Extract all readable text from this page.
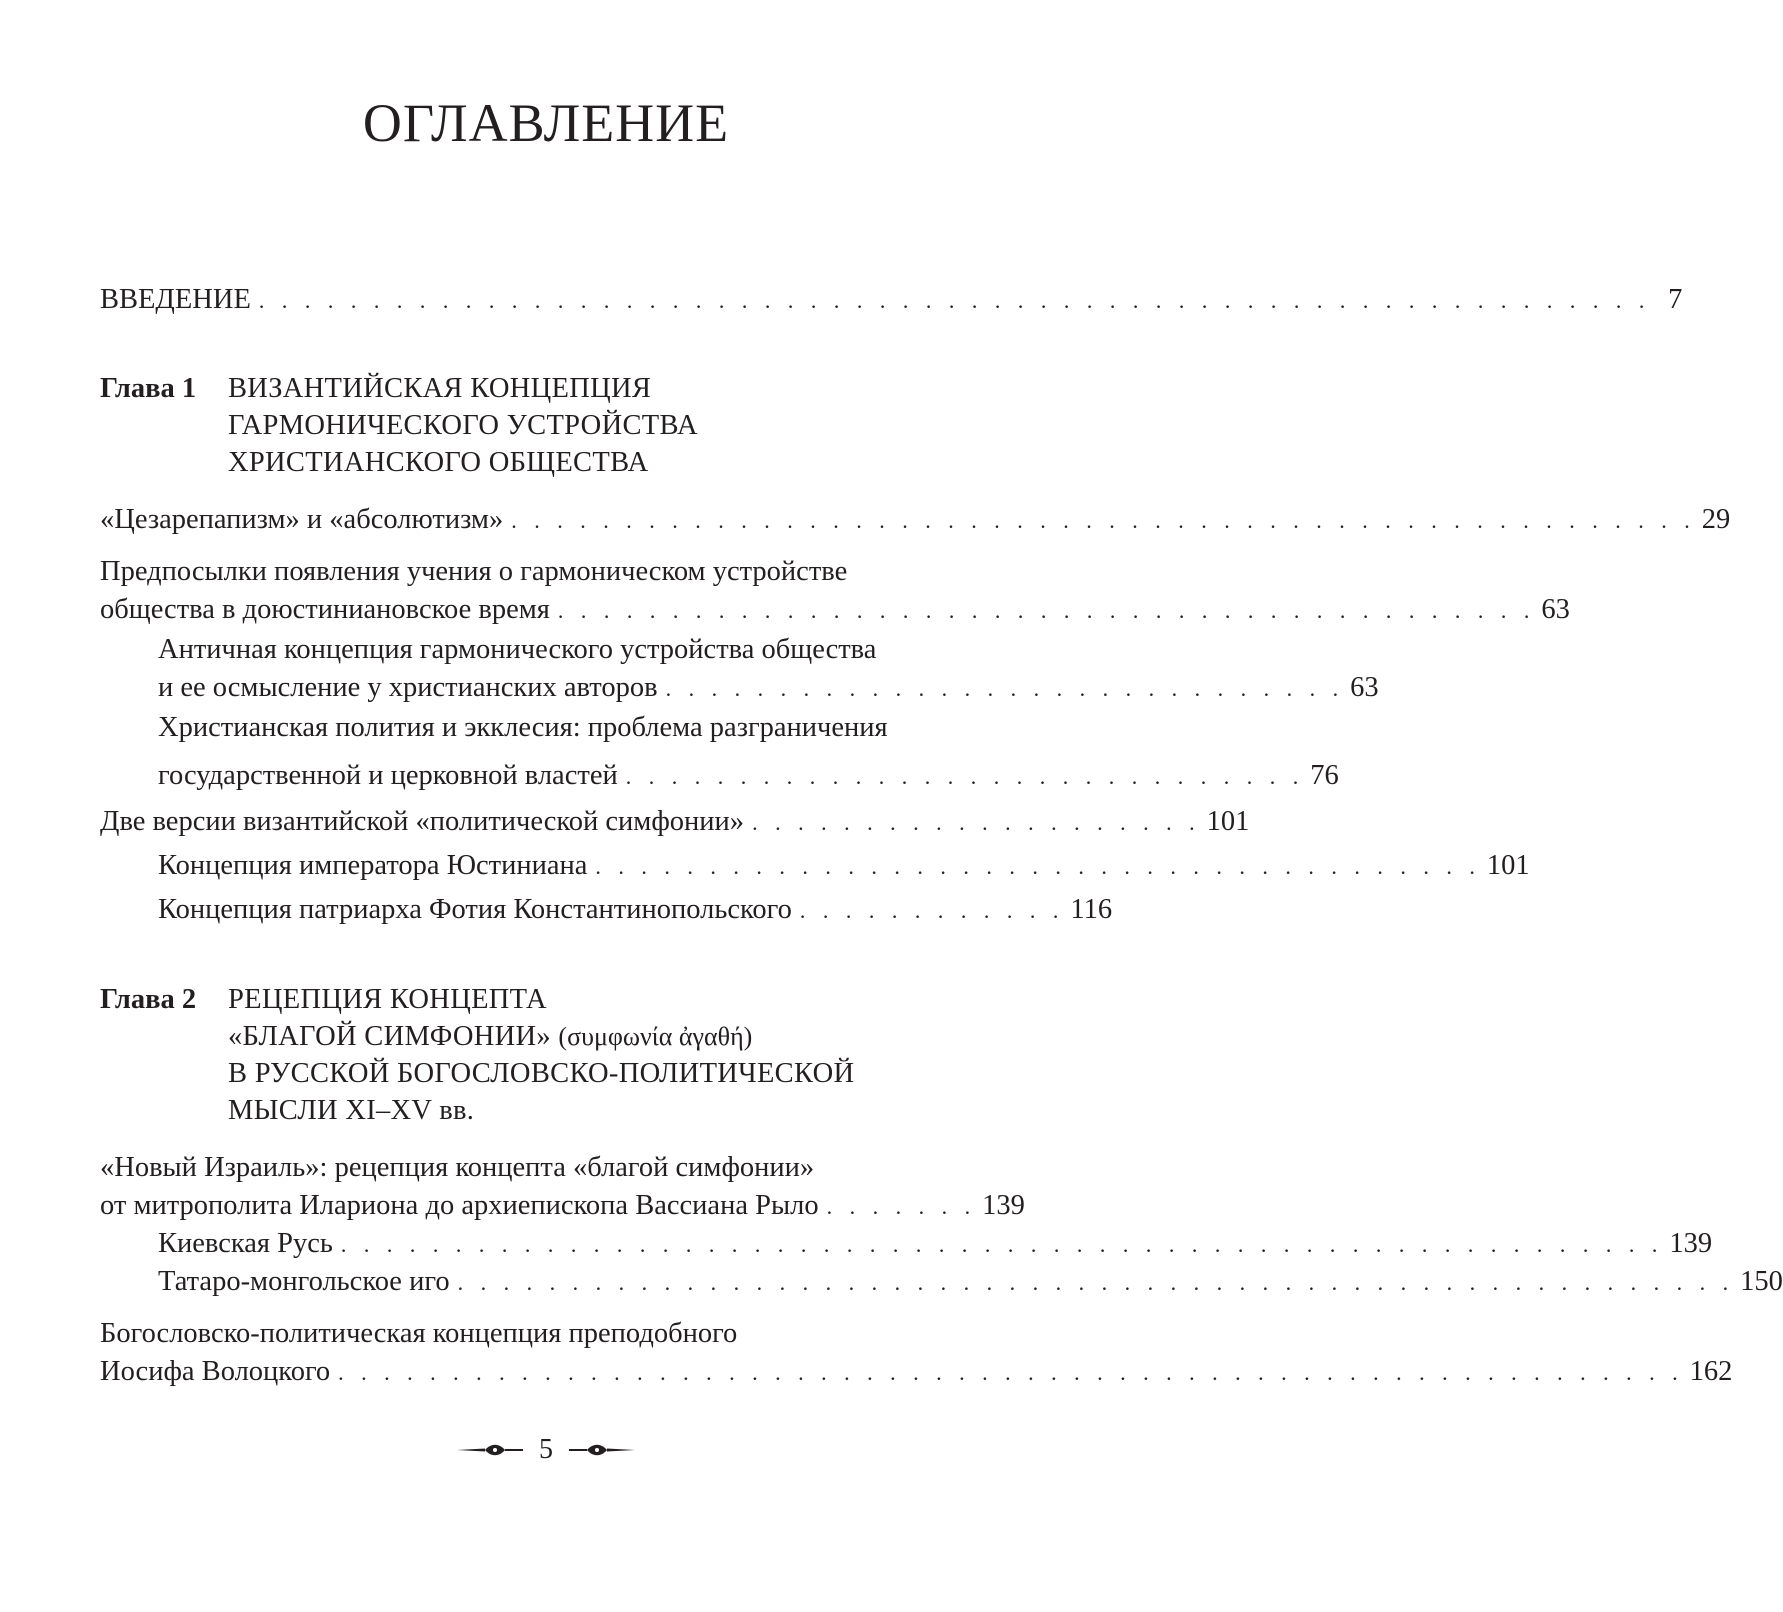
ОГЛАВЛЕНИЕ
ВВЕДЕНИЕ . . . . . . . . . . . . . . . . . . . . . . . . . . . . . . . . . . . . . . . . . . . . . . . . . . . . . . . . . . . . . 7
Глава 1	ВИЗАНТИЙСКАЯ КОНЦЕПЦИЯ
ГАРМОНИЧЕСКОГО УСТРОЙСТВА
ХРИСТИАНСКОГО ОБЩЕСТВА
«Цезарепапизм» и «абсолютизм» . . . . . . . . . . . . . . . . . . . . . . . . . . . . . . . . . . . . . . . . . . . . . . . . . . . . 29
Предпосылки появления учения о гармоническом устройстве
общества в доюстиниановское время . . . . . . . . . . . . . . . . . . . . . . . . . . . . . . . . . . . . . . . . . . . 63
Античная концепция гармонического устройства общества
и ее осмысление у христианских авторов . . . . . . . . . . . . . . . . . . . . . . . . . . . . . . 63
Христианская полития и экклесия: проблема разграничения
государственной и церковной властей . . . . . . . . . . . . . . . . . . . . . . . . . . . . . . 76
Две версии византийской «политической симфонии» . . . . . . . . . . . . . . . . . . . . 101
Концепция императора Юстиниана . . . . . . . . . . . . . . . . . . . . . . . . . . . . . . . . . . . . . . . 101
Концепция патриарха Фотия Константинопольского . . . . . . . . . . . . 116
Глава 2	РЕЦЕПЦИЯ КОНЦЕПТА
«БЛАГОЙ СИМФОНИИ» (συμφωνία ἀγαθή)
В РУССКОЙ БОГОСЛОВСКО-ПОЛИТИЧЕСКОЙ
МЫСЛИ XI–XV вв.
«Новый Израиль»: рецепция концепта «благой симфонии»
от митрополита Илариона до архиепископа Вассиана Рыло . . . . . . . 139
Киевская Русь . . . . . . . . . . . . . . . . . . . . . . . . . . . . . . . . . . . . . . . . . . . . . . . . . . . . . . . . . . 139
Татаро-монгольское иго . . . . . . . . . . . . . . . . . . . . . . . . . . . . . . . . . . . . . . . . . . . . . . . . . . . . . . . . 150
Богословско-политическая концепция преподобного
Иосифа Волоцкого . . . . . . . . . . . . . . . . . . . . . . . . . . . . . . . . . . . . . . . . . . . . . . . . . . . . . . . . . . . 162
5
